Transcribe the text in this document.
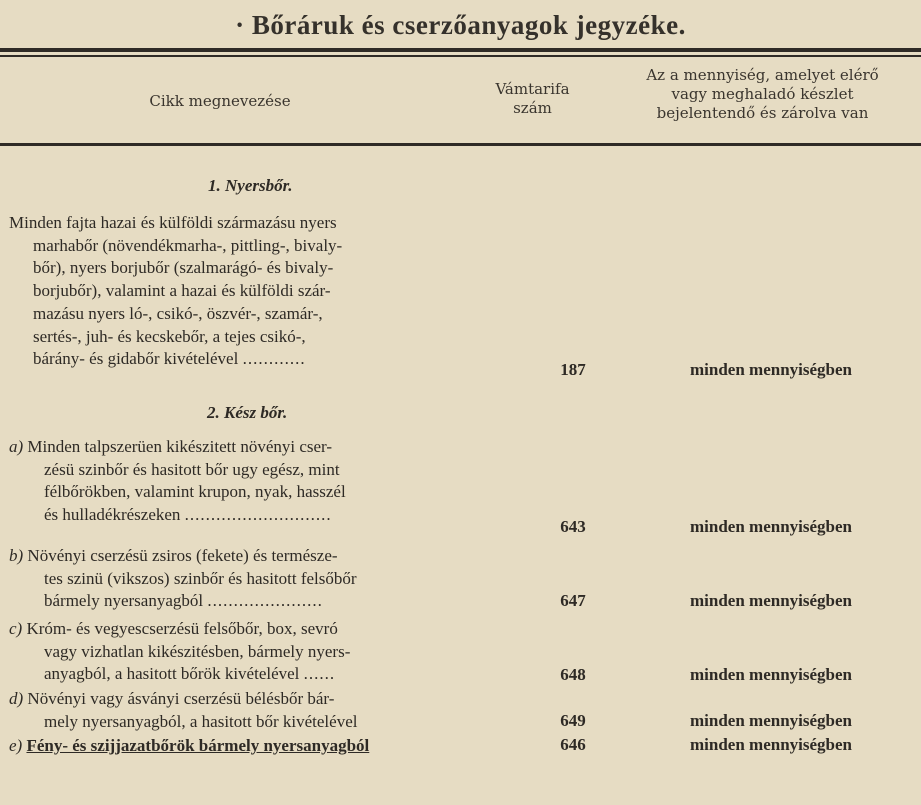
· Bőráruk és cserzőanyagok jegyzéke.
Cikk megnevezése
Vámtarifa
szám
Az a mennyiség, amelyet elérő
vagy meghaladó készlet
bejelentendő és zárolva van
1. Nyersbőr.
Minden fajta hazai és külföldi származásu nyers
marhabőr (növendékmarha-, pittling-, bivaly-
bőr), nyers borjubőr (szalmarágó- és bivaly-
borjubőr), valamint a hazai és külföldi szár-
mazásu nyers ló-, csikó-, öszvér-, szamár-,
sertés-, juh- és kecskebőr, a tejes csikó-,
bárány- és gidabőr kivételével ............
187	minden mennyiségben
2. Kész bőr.
a) Minden talpszerüen kikészitett növényi cser-
zésü szinbőr és hasitott bőr ugy egész, mint
félbőrökben, valamint krupon, nyak, hasszél
és hulladékrészeken ............................
643	minden mennyiségben
b) Növényi cserzésü zsiros (fekete) és természe-
tes szinü (vikszos) szinbőr és hasitott felsőbőr
bármely nyersanyagból ......................	647	minden mennyiségben
c) Króm- és vegyescserzésü felsőbőr, box, sevró
vagy vizhatlan kikészitésben, bármely nyers-
anyagból, a hasitott bőrök kivételével ......	648	minden mennyiségben
d) Növényi vagy ásványi cserzésü bélésbőr bár-
mely nyersanyagból, a hasitott bőr kivételével	649	minden mennyiségben
e) Fény- és szijjazatbőrök bármely nyersanyagból	646	minden mennyiségben
